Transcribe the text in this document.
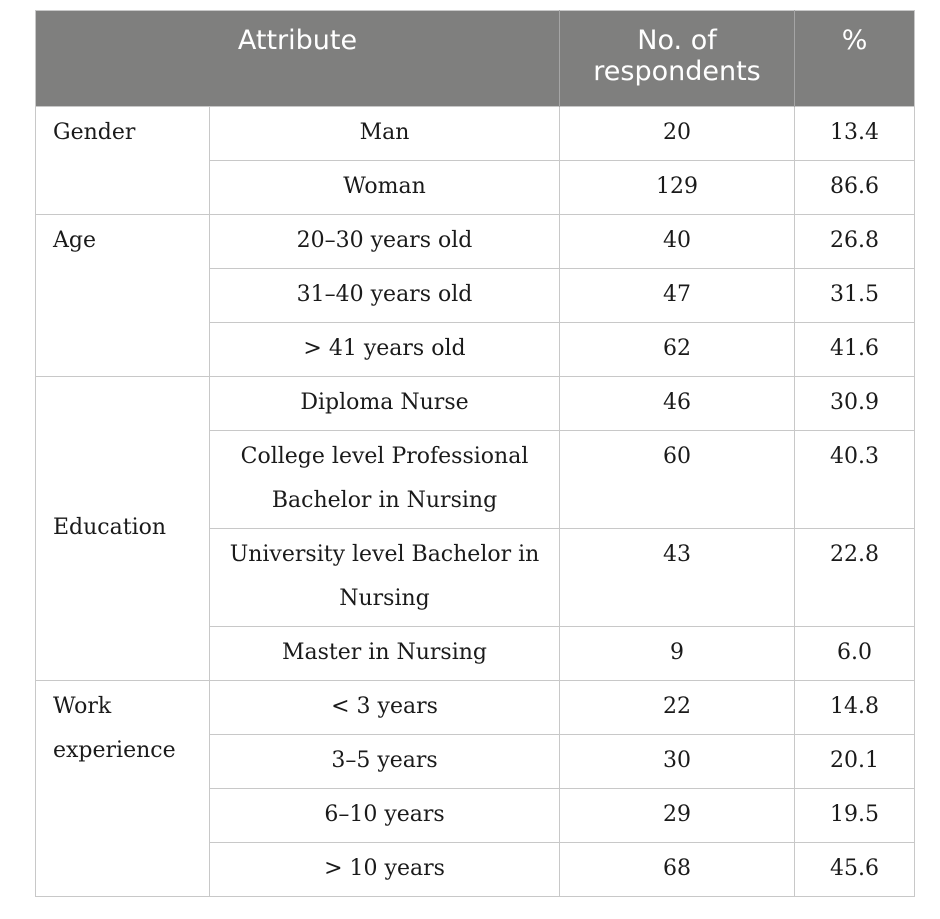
Attribute		No. of respondents	%
Gender	Man	20	13.4
	Woman	129	86.6
Age	20–30 years old	40	26.8
	31–40 years old	47	31.5
	> 41 years old	62	41.6
Education	Diploma Nurse	46	30.9
	College level Professional Bachelor in Nursing	60	40.3
	University level Bachelor in Nursing	43	22.8
	Master in Nursing	9	6.0
Work experience	< 3 years	22	14.8
	3–5 years	30	20.1
	6–10 years	29	19.5
	> 10 years	68	45.6
